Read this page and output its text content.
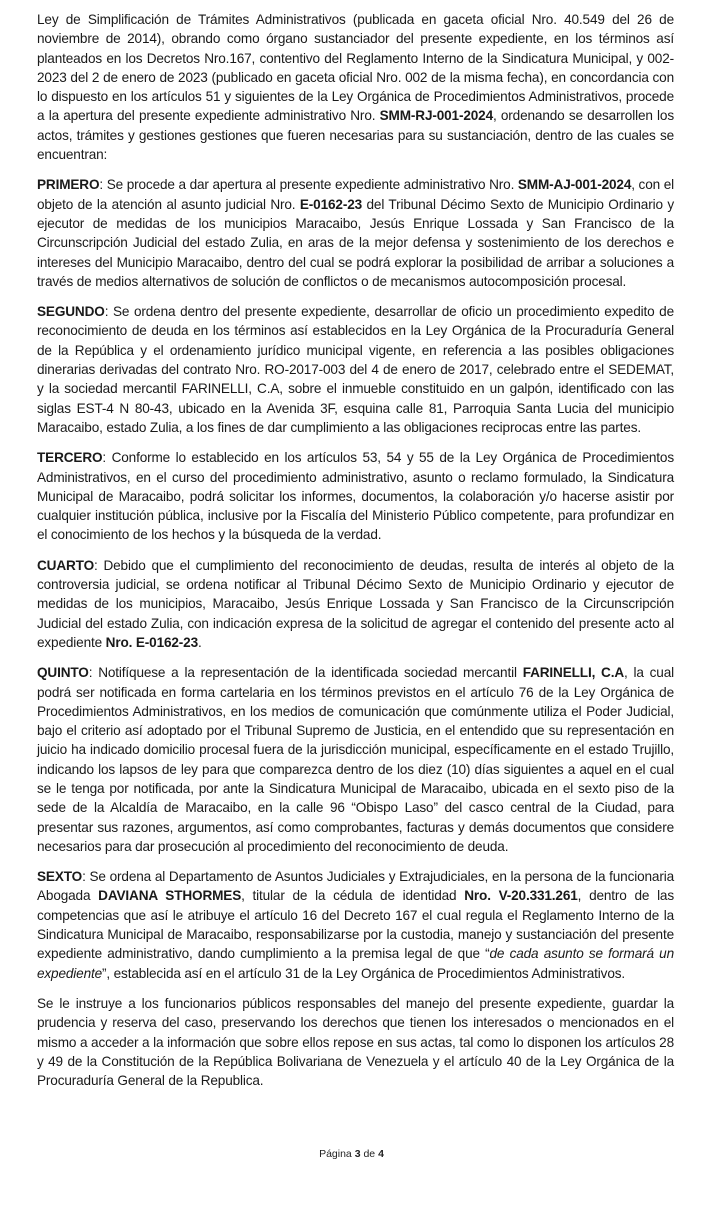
Ley de Simplificación de Trámites Administrativos (publicada en gaceta oficial Nro. 40.549 del 26 de noviembre de 2014), obrando como órgano sustanciador del presente expediente, en los términos así planteados en los Decretos Nro.167, contentivo del Reglamento Interno de la Sindicatura Municipal, y 002-2023 del 2 de enero de 2023 (publicado en gaceta oficial Nro. 002 de la misma fecha), en concordancia con lo dispuesto en los artículos 51 y siguientes de la Ley Orgánica de Procedimientos Administrativos, procede a la apertura del presente expediente administrativo Nro. SMM-RJ-001-2024, ordenando se desarrollen los actos, trámites y gestiones gestiones que fueren necesarias para su sustanciación, dentro de las cuales se encuentran:

PRIMERO: Se procede a dar apertura al presente expediente administrativo Nro. SMM-AJ-001-2024, con el objeto de la atención al asunto judicial Nro. E-0162-23 del Tribunal Décimo Sexto de Municipio Ordinario y ejecutor de medidas de los municipios Maracaibo, Jesús Enrique Lossada y San Francisco de la Circunscripción Judicial del estado Zulia, en aras de la mejor defensa y sostenimiento de los derechos e intereses del Municipio Maracaibo, dentro del cual se podrá explorar la posibilidad de arribar a soluciones a través de medios alternativos de solución de conflictos o de mecanismos autocomposición procesal.

SEGUNDO: Se ordena dentro del presente expediente, desarrollar de oficio un procedimiento expedito de reconocimiento de deuda en los términos así establecidos en la Ley Orgánica de la Procuraduría General de la República y el ordenamiento jurídico municipal vigente, en referencia a las posibles obligaciones dinerarias derivadas del contrato Nro. RO-2017-003 del 4 de enero de 2017, celebrado entre el SEDEMAT, y la sociedad mercantil FARINELLI, C.A, sobre el inmueble constituido en un galpón, identificado con las siglas EST-4 N 80-43, ubicado en la Avenida 3F, esquina calle 81, Parroquia Santa Lucia del municipio Maracaibo, estado Zulia, a los fines de dar cumplimiento a las obligaciones reciprocas entre las partes.

TERCERO: Conforme lo establecido en los artículos 53, 54 y 55 de la Ley Orgánica de Procedimientos Administrativos, en el curso del procedimiento administrativo, asunto o reclamo formulado, la Sindicatura Municipal de Maracaibo, podrá solicitar los informes, documentos, la colaboración y/o hacerse asistir por cualquier institución pública, inclusive por la Fiscalía del Ministerio Público competente, para profundizar en el conocimiento de los hechos y la búsqueda de la verdad.

CUARTO: Debido que el cumplimiento del reconocimiento de deudas, resulta de interés al objeto de la controversia judicial, se ordena notificar al Tribunal Décimo Sexto de Municipio Ordinario y ejecutor de medidas de los municipios, Maracaibo, Jesús Enrique Lossada y San Francisco de la Circunscripción Judicial del estado Zulia, con indicación expresa de la solicitud de agregar el contenido del presente acto al expediente Nro. E-0162-23.

QUINTO: Notifíquese a la representación de la identificada sociedad mercantil FARINELLI, C.A, la cual podrá ser notificada en forma cartelaria en los términos previstos en el artículo 76 de la Ley Orgánica de Procedimientos Administrativos, en los medios de comunicación que comúnmente utiliza el Poder Judicial, bajo el criterio así adoptado por el Tribunal Supremo de Justicia, en el entendido que su representación en juicio ha indicado domicilio procesal fuera de la jurisdicción municipal, específicamente en el estado Trujillo, indicando los lapsos de ley para que comparezca dentro de los diez (10) días siguientes a aquel en el cual se le tenga por notificada, por ante la Sindicatura Municipal de Maracaibo, ubicada en el sexto piso de la sede de la Alcaldía de Maracaibo, en la calle 96 “Obispo Laso” del casco central de la Ciudad, para presentar sus razones, argumentos, así como comprobantes, facturas y demás documentos que considere necesarios para dar prosecución al procedimiento del reconocimiento de deuda.

SEXTO: Se ordena al Departamento de Asuntos Judiciales y Extrajudiciales, en la persona de la funcionaria Abogada DAVIANA STHORMES, titular de la cédula de identidad Nro. V-20.331.261, dentro de las competencias que así le atribuye el artículo 16 del Decreto 167 el cual regula el Reglamento Interno de la Sindicatura Municipal de Maracaibo, responsabilizarse por la custodia, manejo y sustanciación del presente expediente administrativo, dando cumplimiento a la premisa legal de que “de cada asunto se formará un expediente”, establecida así en el artículo 31 de la Ley Orgánica de Procedimientos Administrativos.

Se le instruye a los funcionarios públicos responsables del manejo del presente expediente, guardar la prudencia y reserva del caso, preservando los derechos que tienen los interesados o mencionados en el mismo a acceder a la información que sobre ellos repose en sus actas, tal como lo disponen los artículos 28 y 49 de la Constitución de la República Bolivariana de Venezuela y el artículo 40 de la Ley Orgánica de la Procuraduría General de la Republica.

Página 3 de 4
